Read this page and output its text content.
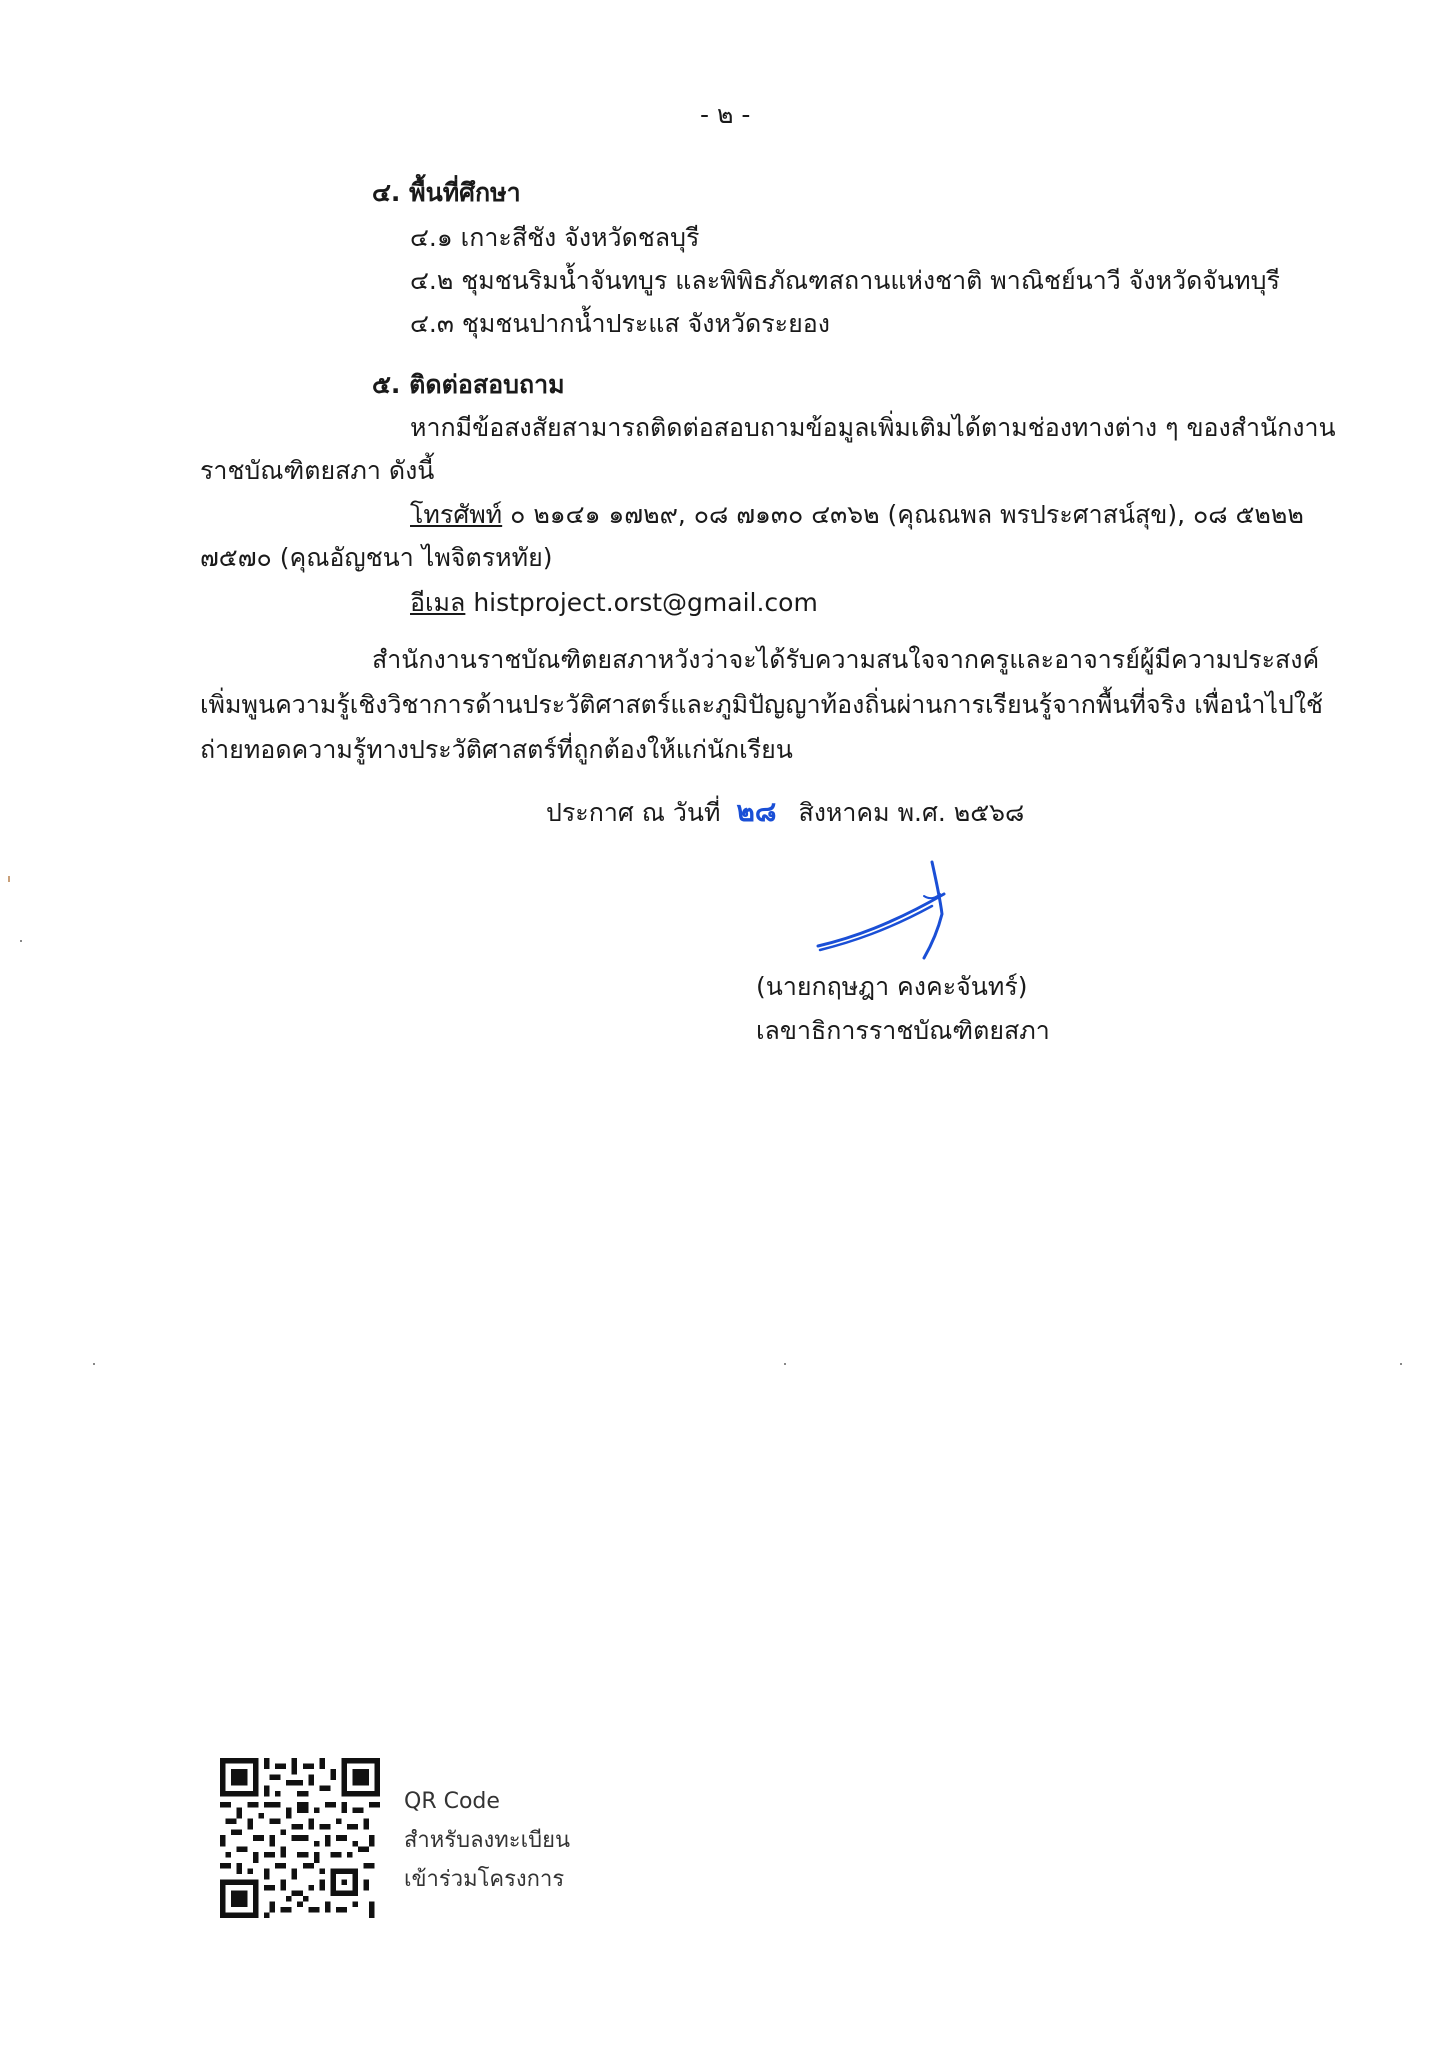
- ๒ -
๔. พื้นที่ศึกษา
๔.๑ เกาะสีชัง จังหวัดชลบุรี
๔.๒ ชุมชนริมน้ำจันทบูร และพิพิธภัณฑสถานแห่งชาติ พาณิชย์นาวี จังหวัดจันทบุรี
๔.๓ ชุมชนปากน้ำประแส จังหวัดระยอง
๕. ติดต่อสอบถาม
หากมีข้อสงสัยสามารถติดต่อสอบถามข้อมูลเพิ่มเติมได้ตามช่องทางต่าง ๆ ของสำนักงาน
ราชบัณฑิตยสภา ดังนี้
โทรศัพท์ ๐ ๒๑๔๑ ๑๗๒๙, ๐๘ ๗๑๓๐ ๔๓๖๒ (คุณณพล พรประศาสน์สุข), ๐๘ ๕๒๒๒
๗๕๗๐ (คุณอัญชนา ไพจิตรหทัย)
อีเมล histproject.orst@gmail.com
สำนักงานราชบัณฑิตยสภาหวังว่าจะได้รับความสนใจจากครูและอาจารย์ผู้มีความประสงค์
เพิ่มพูนความรู้เชิงวิชาการด้านประวัติศาสตร์และภูมิปัญญาท้องถิ่นผ่านการเรียนรู้จากพื้นที่จริง เพื่อนำไปใช้
ถ่ายทอดความรู้ทางประวัติศาสตร์ที่ถูกต้องให้แก่นักเรียน
ประกาศ ณ วันที่ ๒๘ สิงหาคม พ.ศ. ๒๕๖๘
(นายกฤษฎา คงคะจันทร์)
เลขาธิการราชบัณฑิตยสภา
QR Code
สำหรับลงทะเบียน
เข้าร่วมโครงการ
